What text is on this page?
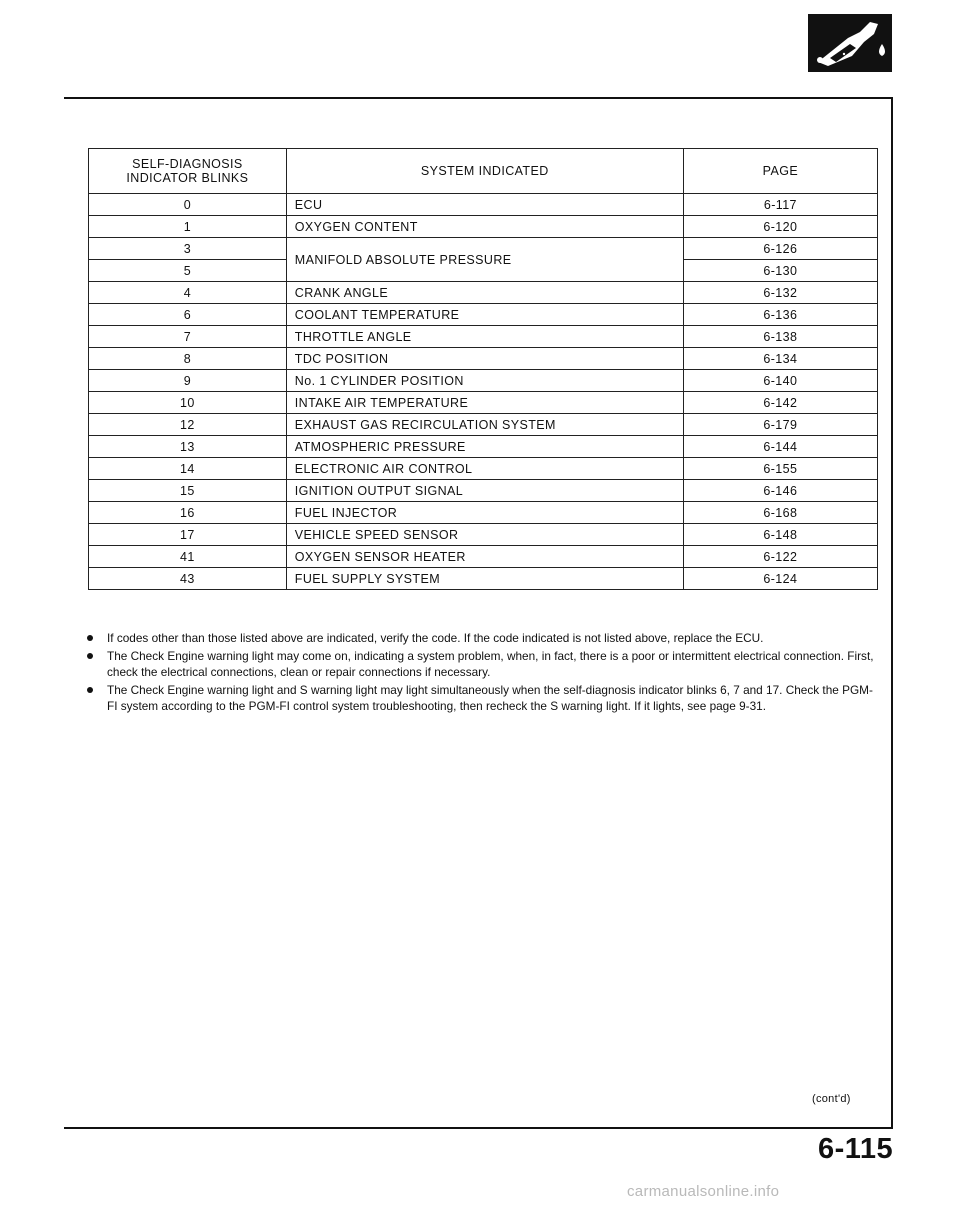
SELF-DIAGNOSIS
INDICATOR BLINKS	SYSTEM INDICATED	PAGE
0	ECU	6-117
1	OXYGEN CONTENT	6-120
3	MANIFOLD ABSOLUTE PRESSURE	6-126
5		6-130
4	CRANK ANGLE	6-132
6	COOLANT TEMPERATURE	6-136
7	THROTTLE ANGLE	6-138
8	TDC POSITION	6-134
9	No. 1 CYLINDER POSITION	6-140
10	INTAKE AIR TEMPERATURE	6-142
12	EXHAUST GAS RECIRCULATION SYSTEM	6-179
13	ATMOSPHERIC PRESSURE	6-144
14	ELECTRONIC AIR CONTROL	6-155
15	IGNITION OUTPUT SIGNAL	6-146
16	FUEL INJECTOR	6-168
17	VEHICLE SPEED SENSOR	6-148
41	OXYGEN SENSOR HEATER	6-122
43	FUEL SUPPLY SYSTEM	6-124
If codes other than those listed above are indicated, verify the code. If the code indicated is not listed above, replace the ECU.
The Check Engine warning light may come on, indicating a system problem, when, in fact, there is a poor or intermittent electrical connection. First, check the electrical connections, clean or repair connections if necessary.
The Check Engine warning light and S warning light may light simultaneously when the self-diagnosis indicator blinks 6, 7 and 17. Check the PGM-FI system according to the PGM-FI control system troubleshooting, then recheck the S warning light. If it lights, see page 9-31.
(cont'd)
6-115
carmanualsonline.info
